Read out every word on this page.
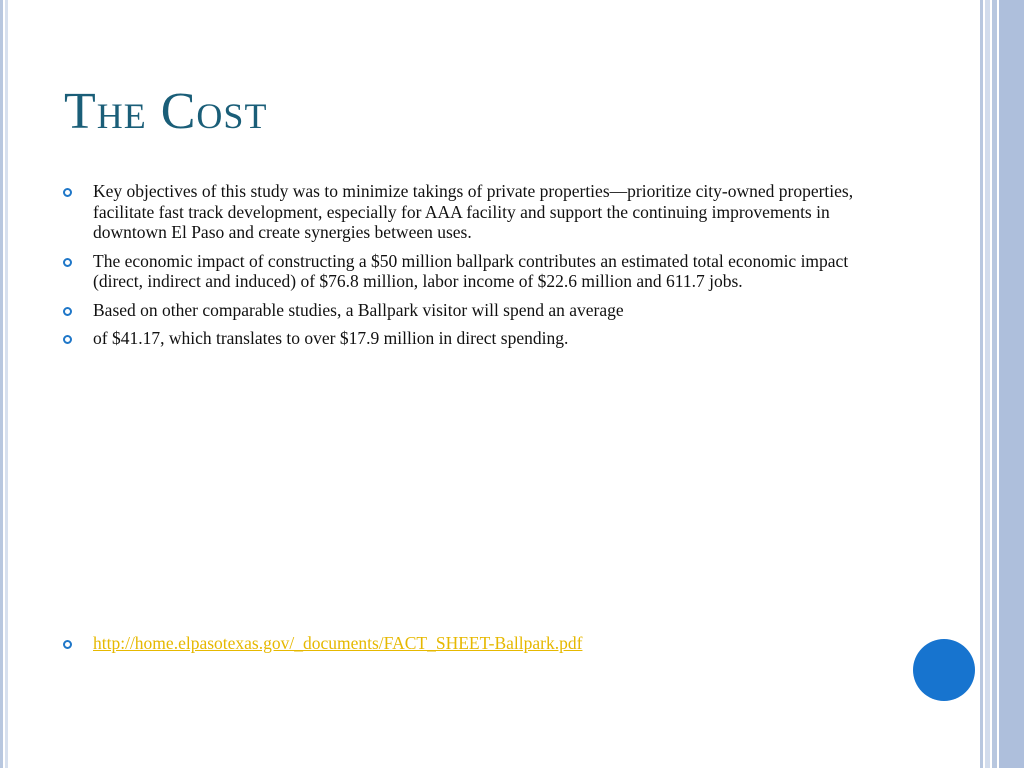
The Cost
Key objectives of this study was to minimize takings of private properties—prioritize city-owned properties, facilitate fast track development, especially for AAA facility and support the continuing improvements in downtown El Paso and create synergies between uses.
The economic impact of constructing a $50 million ballpark contributes an estimated total economic impact (direct, indirect and induced) of $76.8 million, labor income of $22.6 million and 611.7 jobs.
Based on other comparable studies, a Ballpark visitor will spend an average
of $41.17, which translates to over $17.9 million in direct spending.
http://home.elpasotexas.gov/_documents/FACT_SHEET-Ballpark.pdf
